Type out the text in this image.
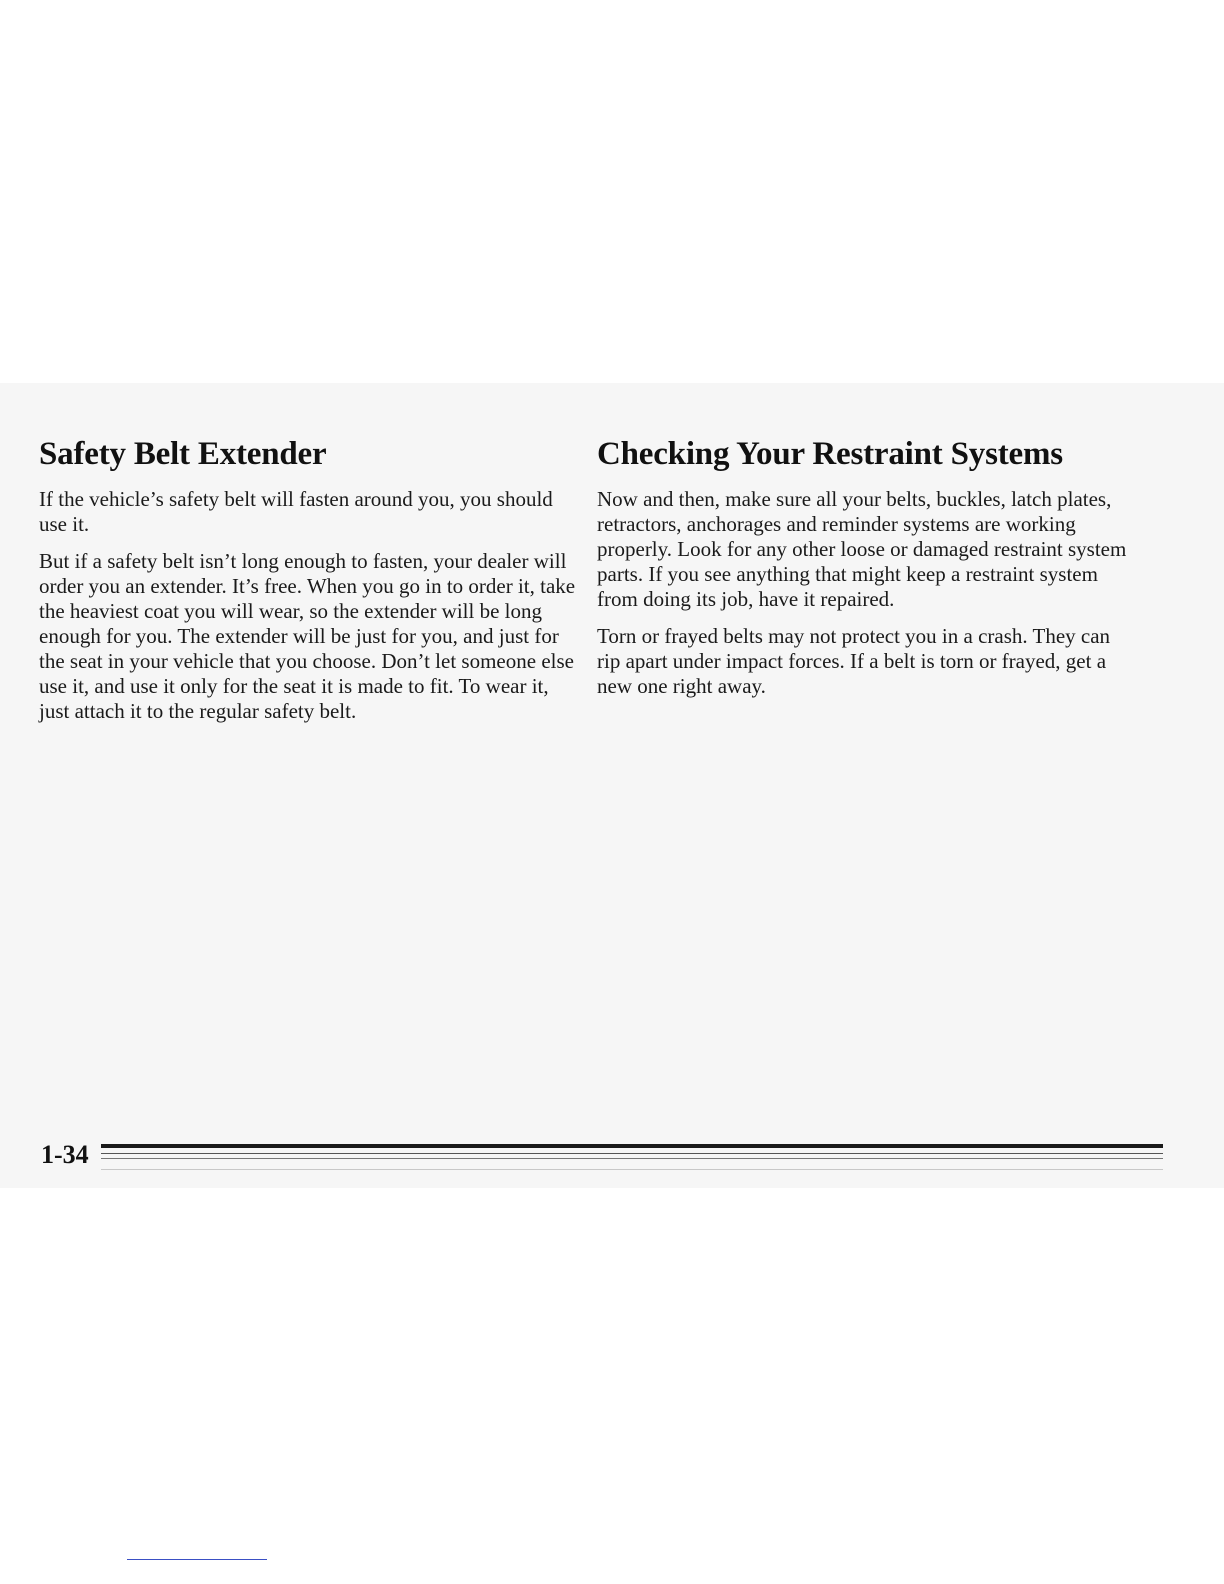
Safety Belt Extender

If the vehicle’s safety belt will fasten around you, you should use it.

But if a safety belt isn’t long enough to fasten, your dealer will order you an extender. It’s free. When you go in to order it, take the heaviest coat you will wear, so the extender will be long enough for you. The extender will be just for you, and just for the seat in your vehicle that you choose. Don’t let someone else use it, and use it only for the seat it is made to fit. To wear it, just attach it to the regular safety belt.

Checking Your Restraint Systems

Now and then, make sure all your belts, buckles, latch plates, retractors, anchorages and reminder systems are working properly. Look for any other loose or damaged restraint system parts. If you see anything that might keep a restraint system from doing its job, have it repaired.

Torn or frayed belts may not protect you in a crash. They can rip apart under impact forces. If a belt is torn or frayed, get a new one right away.

1-34
